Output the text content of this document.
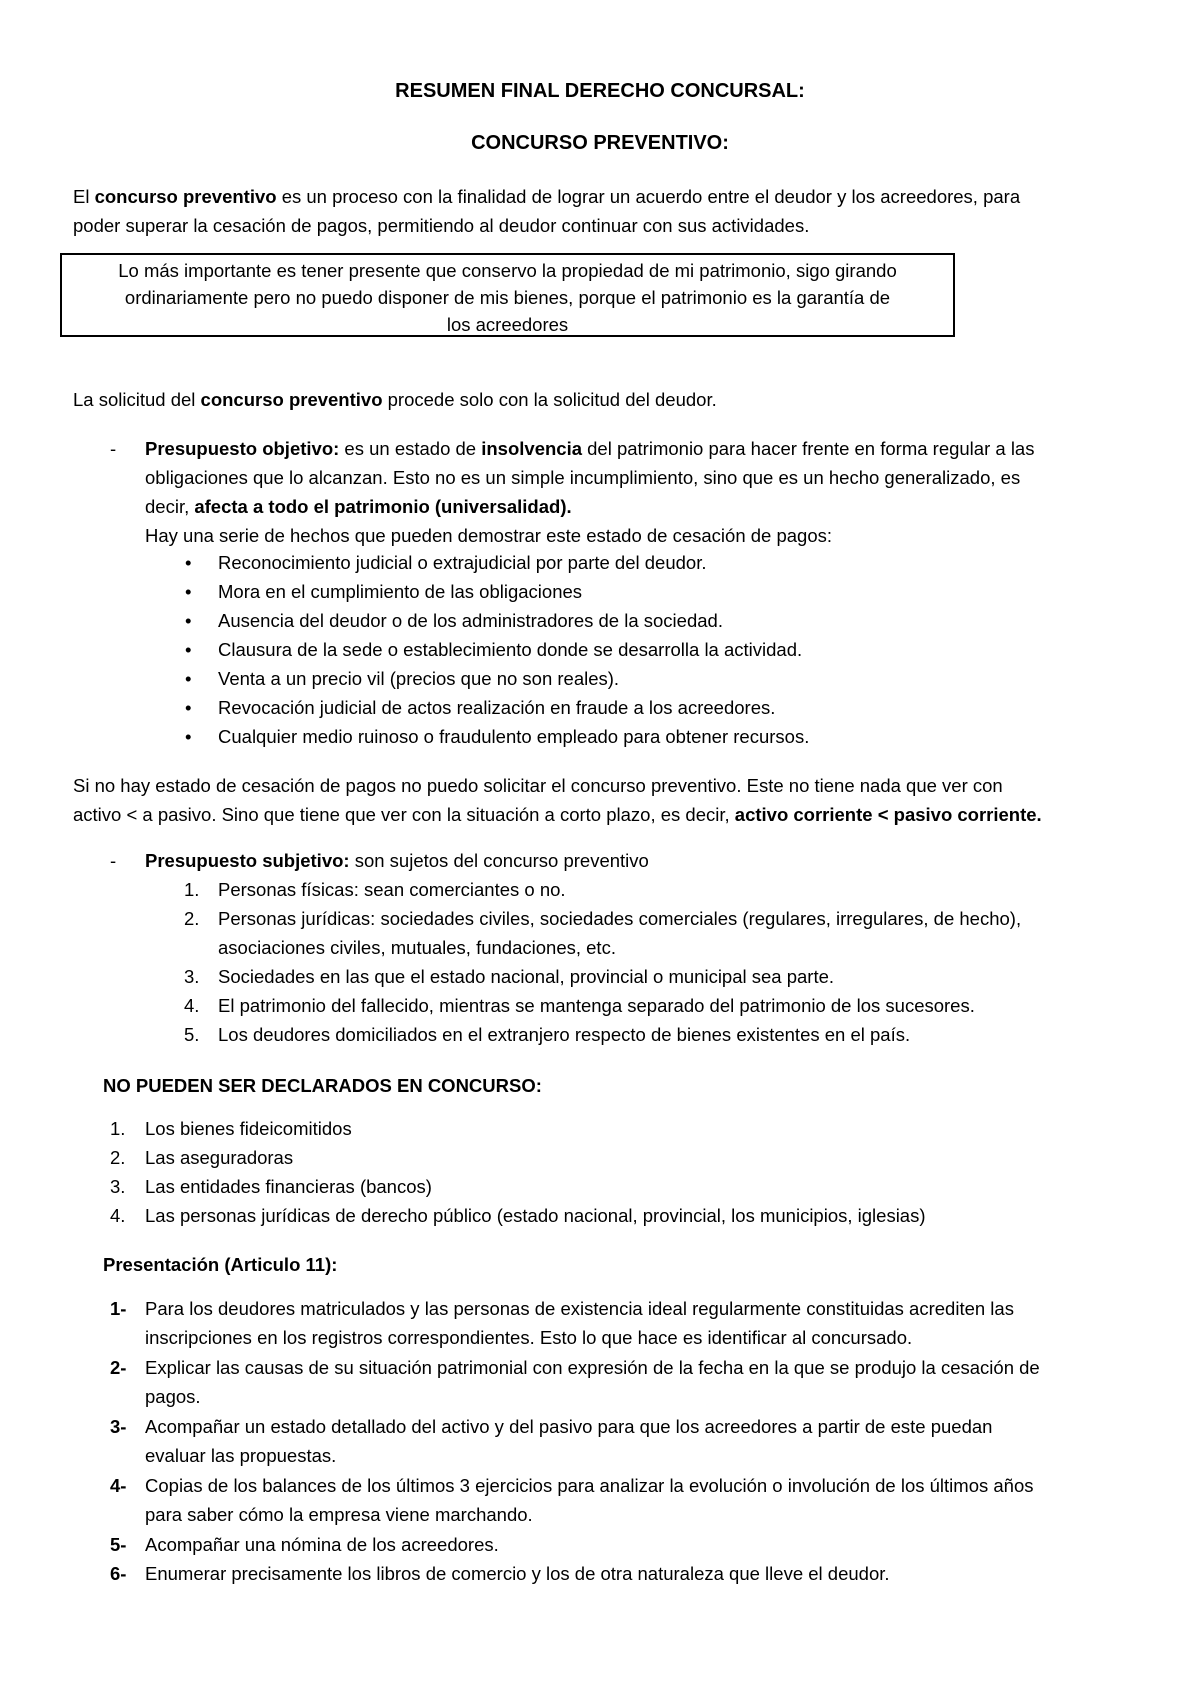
RESUMEN FINAL DERECHO CONCURSAL:
CONCURSO PREVENTIVO:
El concurso preventivo es un proceso con la finalidad de lograr un acuerdo entre el deudor y los acreedores, para
poder superar la cesación de pagos, permitiendo al deudor continuar con sus actividades.
Lo más importante es tener presente que conservo la propiedad de mi patrimonio, sigo girando
ordinariamente pero no puedo disponer de mis bienes, porque el patrimonio es la garantía de
los acreedores
La solicitud del concurso preventivo procede solo con la solicitud del deudor.
- Presupuesto objetivo: es un estado de insolvencia del patrimonio para hacer frente en forma regular a las
obligaciones que lo alcanzan. Esto no es un simple incumplimiento, sino que es un hecho generalizado, es
decir, afecta a todo el patrimonio (universalidad).
Hay una serie de hechos que pueden demostrar este estado de cesación de pagos:
• Reconocimiento judicial o extrajudicial por parte del deudor.
• Mora en el cumplimiento de las obligaciones
• Ausencia del deudor o de los administradores de la sociedad.
• Clausura de la sede o establecimiento donde se desarrolla la actividad.
• Venta a un precio vil (precios que no son reales).
• Revocación judicial de actos realización en fraude a los acreedores.
• Cualquier medio ruinoso o fraudulento empleado para obtener recursos.
Si no hay estado de cesación de pagos no puedo solicitar el concurso preventivo. Este no tiene nada que ver con
activo < a pasivo. Sino que tiene que ver con la situación a corto plazo, es decir, activo corriente < pasivo corriente.
- Presupuesto subjetivo: son sujetos del concurso preventivo
1. Personas físicas: sean comerciantes o no.
2. Personas jurídicas: sociedades civiles, sociedades comerciales (regulares, irregulares, de hecho),
asociaciones civiles, mutuales, fundaciones, etc.
3. Sociedades en las que el estado nacional, provincial o municipal sea parte.
4. El patrimonio del fallecido, mientras se mantenga separado del patrimonio de los sucesores.
5. Los deudores domiciliados en el extranjero respecto de bienes existentes en el país.
NO PUEDEN SER DECLARADOS EN CONCURSO:
1. Los bienes fideicomitidos
2. Las aseguradoras
3. Las entidades financieras (bancos)
4. Las personas jurídicas de derecho público (estado nacional, provincial, los municipios, iglesias)
Presentación (Articulo 11):
1- Para los deudores matriculados y las personas de existencia ideal regularmente constituidas acrediten las
inscripciones en los registros correspondientes. Esto lo que hace es identificar al concursado.
2- Explicar las causas de su situación patrimonial con expresión de la fecha en la que se produjo la cesación de
pagos.
3- Acompañar un estado detallado del activo y del pasivo para que los acreedores a partir de este puedan
evaluar las propuestas.
4- Copias de los balances de los últimos 3 ejercicios para analizar la evolución o involución de los últimos años
para saber cómo la empresa viene marchando.
5- Acompañar una nómina de los acreedores.
6- Enumerar precisamente los libros de comercio y los de otra naturaleza que lleve el deudor.
